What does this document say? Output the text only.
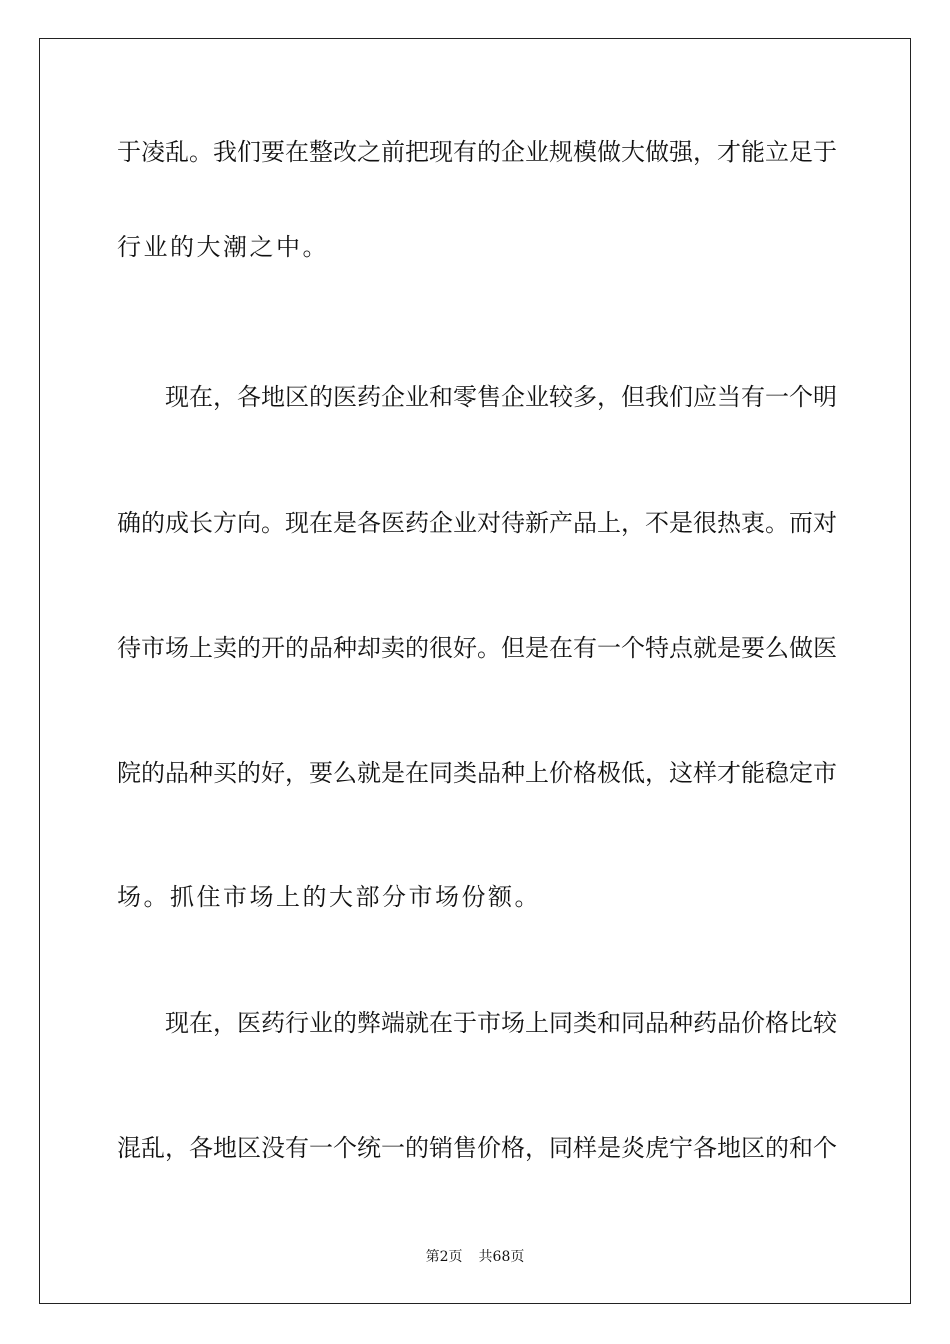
于凌乱。我们要在整改之前把现有的企业规模做大做强，才能立足于
行业的大潮之中。
现在，各地区的医药企业和零售企业较多，但我们应当有一个明
确的成长方向。现在是各医药企业对待新产品上，不是很热衷。而对
待市场上卖的开的品种却卖的很好。但是在有一个特点就是要么做医
院的品种买的好，要么就是在同类品种上价格极低，这样才能稳定市
场。抓住市场上的大部分市场份额。
现在，医药行业的弊端就在于市场上同类和同品种药品价格比较
混乱，各地区没有一个统一的销售价格，同样是炎虎宁各地区的和个
第2页 共68页
